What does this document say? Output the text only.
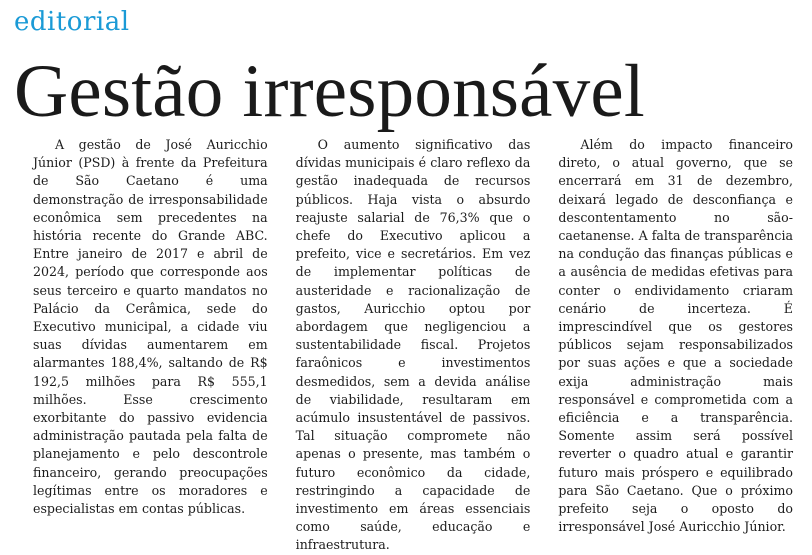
editorial
Gestão irresponsável

A gestão de José Auricchio Júnior (PSD) à frente da Prefeitura de São Caetano é uma demonstração de irresponsabilidade econômica sem precedentes na história recente do Grande ABC. Entre janeiro de 2017 e abril de 2024, período que corresponde aos seus terceiro e quarto mandatos no Palácio da Cerâmica, sede do Executivo municipal, a cidade viu suas dívidas aumentarem em alarmantes 188,4%, saltando de R$ 192,5 milhões para R$ 555,1 milhões. Esse crescimento exorbitante do passivo evidencia administração pautada pela falta de planejamento e pelo descontrole financeiro, gerando preocupações legítimas entre os moradores e especialistas em contas públicas.

O aumento significativo das dívidas municipais é claro reflexo da gestão inadequada de recursos públicos. Haja vista o absurdo reajuste salarial de 76,3% que o chefe do Executivo aplicou a prefeito, vice e secretários. Em vez de implementar políticas de austeridade e racionalização de gastos, Auricchio optou por abordagem que negligenciou a sustentabilidade fiscal. Projetos faraônicos e investimentos desmedidos, sem a devida análise de viabilidade, resultaram em acúmulo insustentável de passivos. Tal situação compromete não apenas o presente, mas também o futuro econômico da cidade, restringindo a capacidade de investimento em áreas essenciais como saúde, educação e infraestrutura.

Além do impacto financeiro direto, o atual governo, que se encerrará em 31 de dezembro, deixará legado de desconfiança e descontentamento no são-caetanense. A falta de transparência na condução das finanças públicas e a ausência de medidas efetivas para conter o endividamento criaram cenário de incerteza. É imprescindível que os gestores públicos sejam responsabilizados por suas ações e que a sociedade exija administração mais responsável e comprometida com a eficiência e a transparência. Somente assim será possível reverter o quadro atual e garantir futuro mais próspero e equilibrado para São Caetano. Que o próximo prefeito seja o oposto do irresponsável José Auricchio Júnior.
